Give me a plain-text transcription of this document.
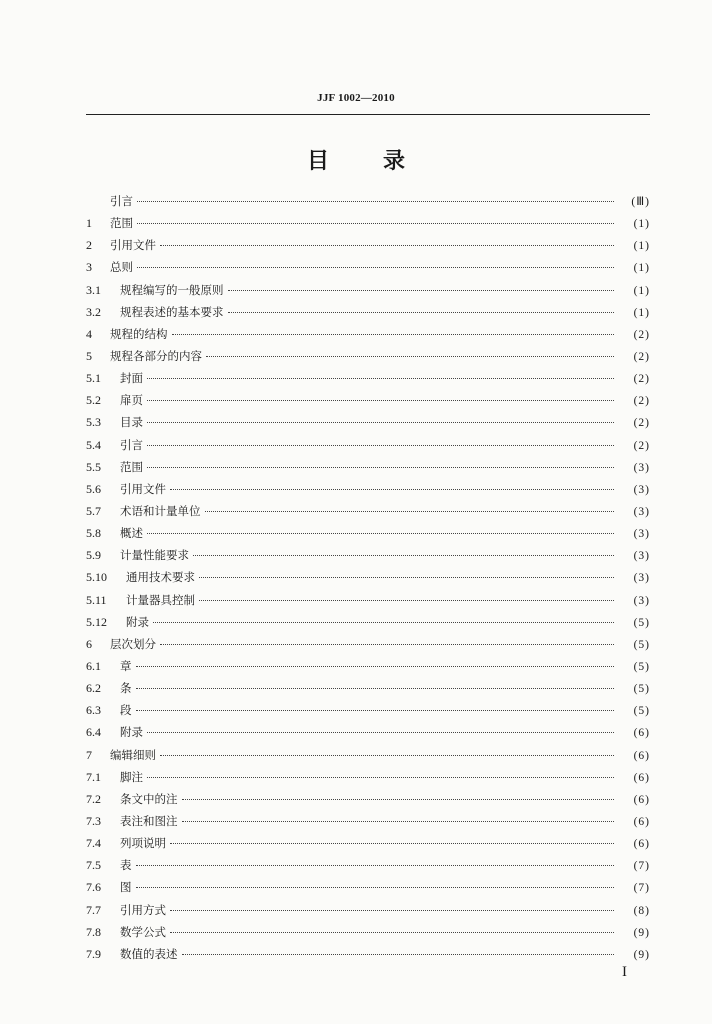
JJF 1002—2010
目 录
引言	(Ⅲ)
1	范围	(1)
2	引用文件	(1)
3	总则	(1)
3.1	规程编写的一般原则	(1)
3.2	规程表述的基本要求	(1)
4	规程的结构	(2)
5	规程各部分的内容	(2)
5.1	封面	(2)
5.2	扉页	(2)
5.3	目录	(2)
5.4	引言	(2)
5.5	范围	(3)
5.6	引用文件	(3)
5.7	术语和计量单位	(3)
5.8	概述	(3)
5.9	计量性能要求	(3)
5.10	通用技术要求	(3)
5.11	计量器具控制	(3)
5.12	附录	(5)
6	层次划分	(5)
6.1	章	(5)
6.2	条	(5)
6.3	段	(5)
6.4	附录	(6)
7	编辑细则	(6)
7.1	脚注	(6)
7.2	条文中的注	(6)
7.3	表注和图注	(6)
7.4	列项说明	(6)
7.5	表	(7)
7.6	图	(7)
7.7	引用方式	(8)
7.8	数学公式	(9)
7.9	数值的表述	(9)
I
